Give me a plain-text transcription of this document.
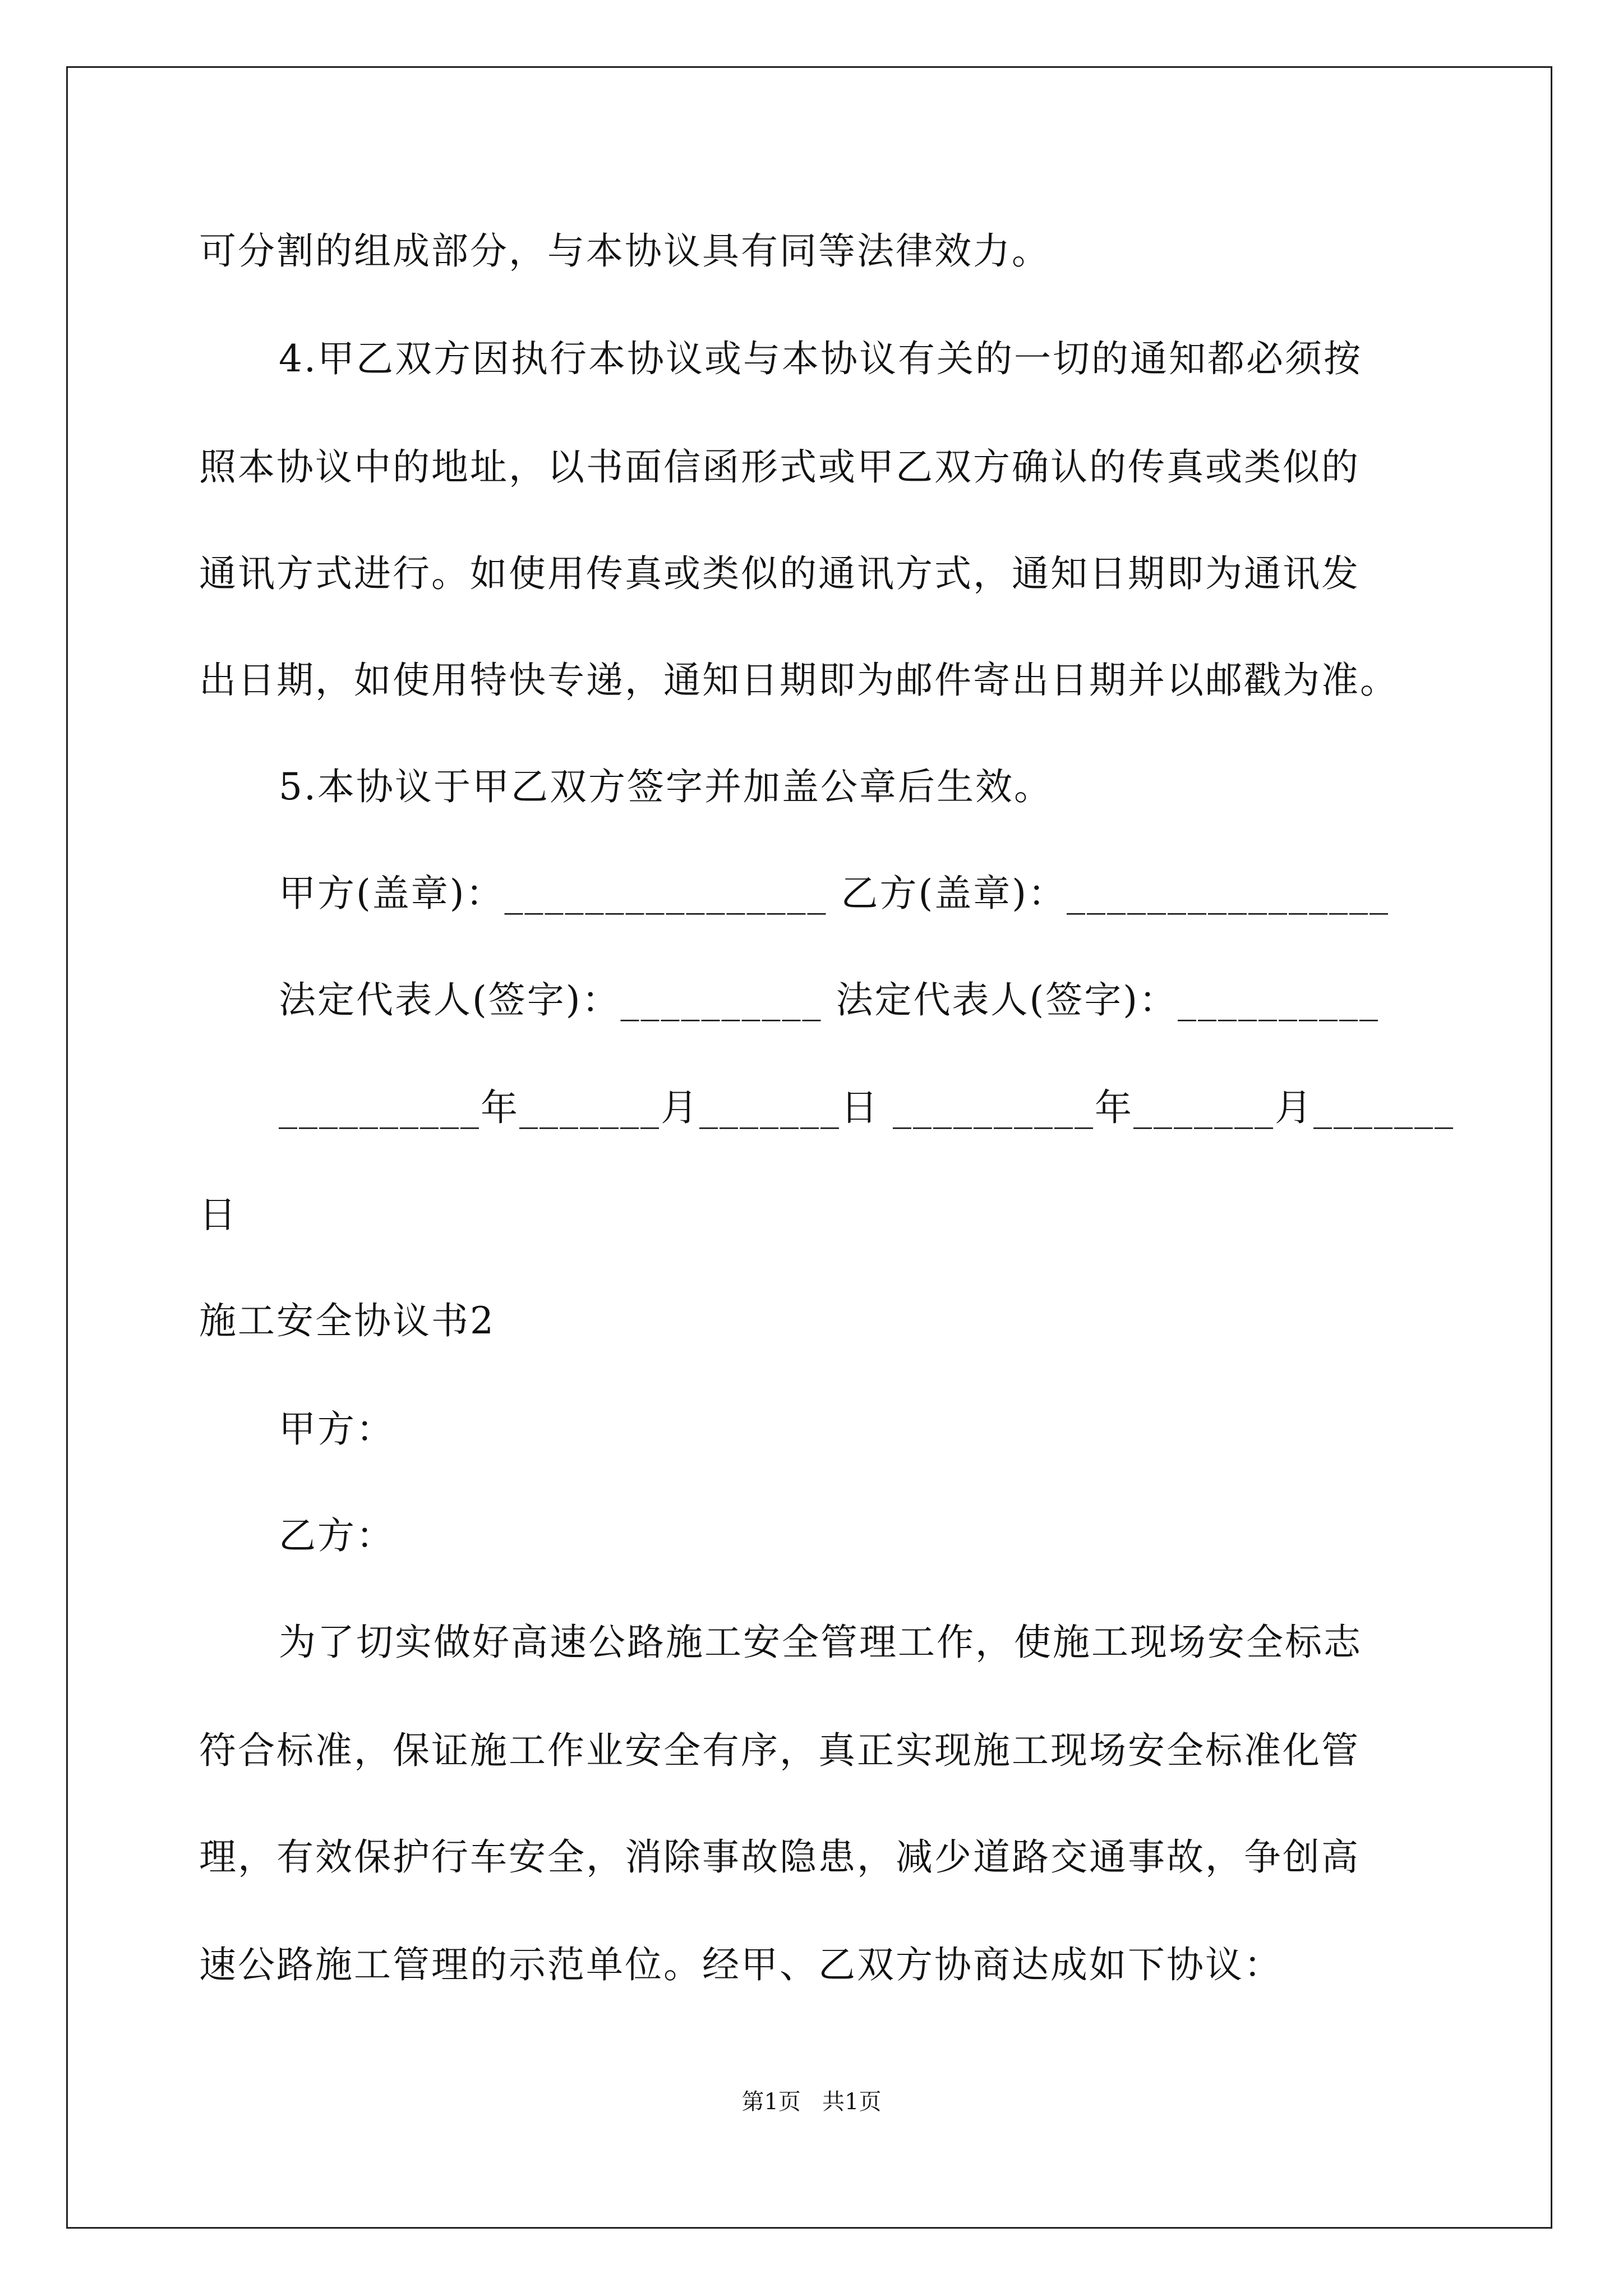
可分割的组成部分，与本协议具有同等法律效力。
4.甲乙双方因执行本协议或与本协议有关的一切的通知都必须按
照本协议中的地址，以书面信函形式或甲乙双方确认的传真或类似的
通讯方式进行。如使用传真或类似的通讯方式，通知日期即为通讯发
出日期，如使用特快专递，通知日期即为邮件寄出日期并以邮戳为准。
5.本协议于甲乙双方签字并加盖公章后生效。
甲方(盖章)：________________ 乙方(盖章)：________________
法定代表人(签字)：__________ 法定代表人(签字)：__________
__________年_______月_______日 __________年_______月_______
日
施工安全协议书2
甲方：
乙方：
为了切实做好高速公路施工安全管理工作，使施工现场安全标志
符合标准，保证施工作业安全有序，真正实现施工现场安全标准化管
理，有效保护行车安全，消除事故隐患，减少道路交通事故，争创高
速公路施工管理的示范单位。经甲、乙双方协商达成如下协议：
第1页   共1页
